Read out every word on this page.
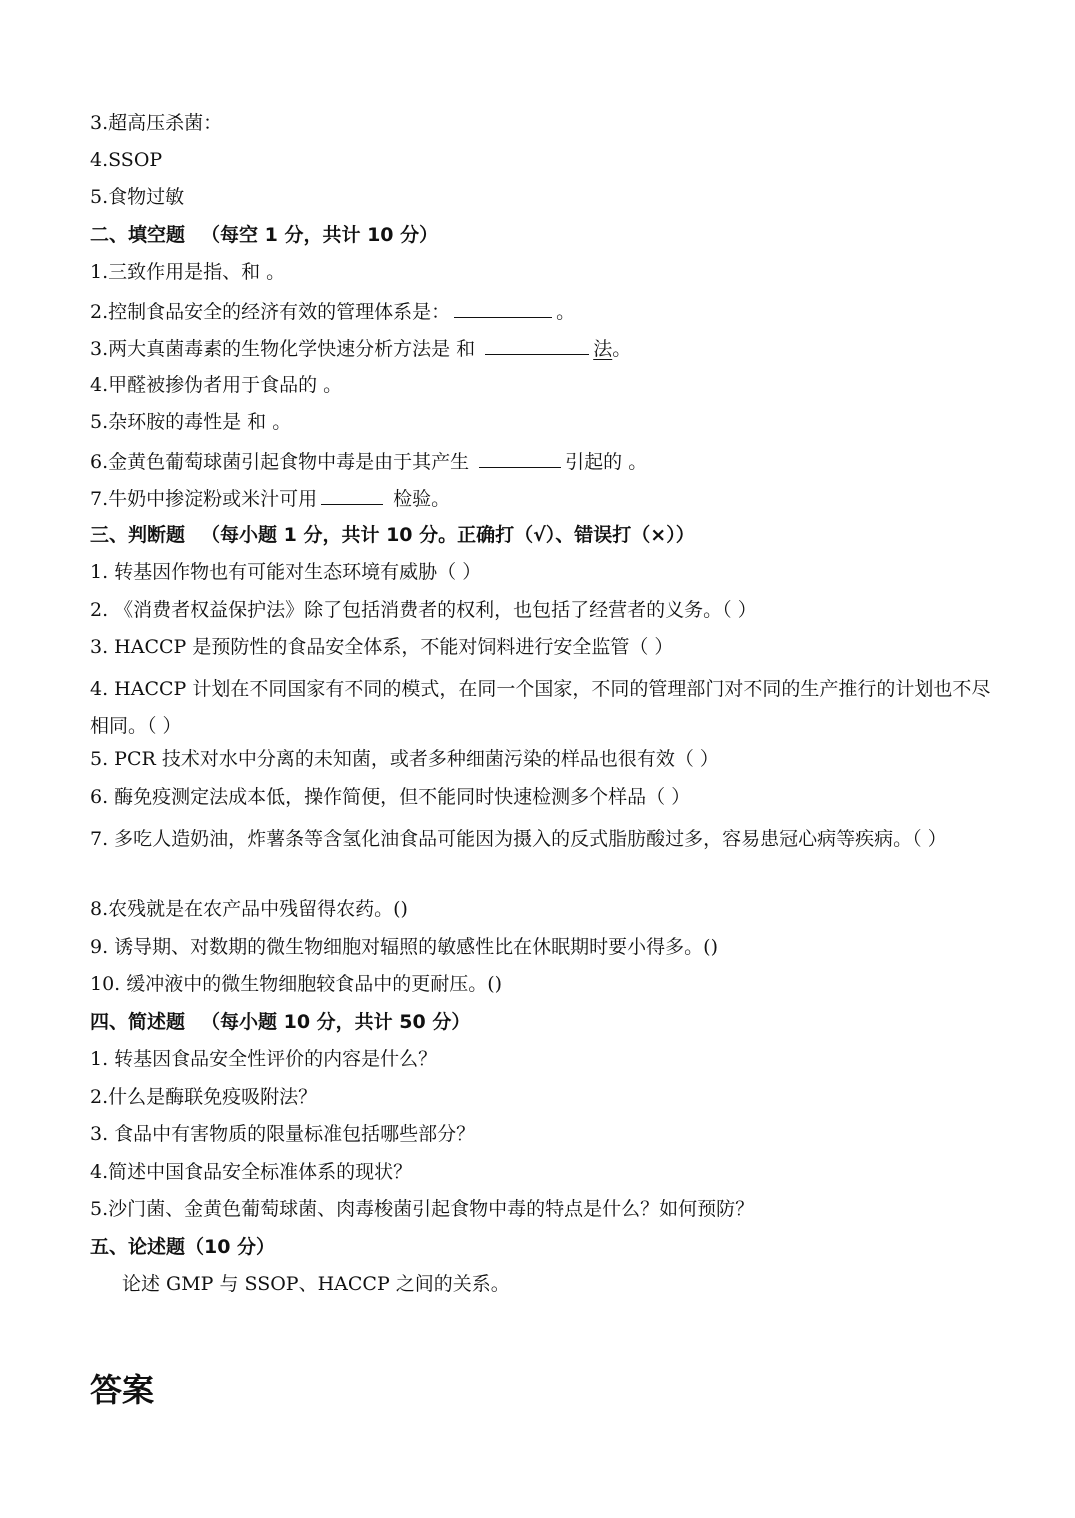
3.超高压杀菌：
4.SSOP
5.食物过敏
二、填空题 （每空 1 分，共计 10 分）
1.三致作用是指、和 。
2.控制食品安全的经济有效的管理体系是：	。
3.两大真菌毒素的生物化学快速分析方法是 和	法。
4.甲醛被掺伪者用于食品的 。
5.杂环胺的毒性是 和 。
6.金黄色葡萄球菌引起食物中毒是由于其产生	引起的 。
7.牛奶中掺淀粉或米汁可用	检验。
三、判断题 （每小题 1 分，共计 10 分。正确打（√）、错误打（×））
1. 转基因作物也有可能对生态环境有威胁（ ）
2. 《消费者权益保护法》除了包括消费者的权利，也包括了经营者的义务。（ ）
3. HACCP 是预防性的食品安全体系，不能对饲料进行安全监管（ ）
4. HACCP 计划在不同国家有不同的模式，在同一个国家，不同的管理部门对不同的生产推行的计划也不尽相同。（ ）
5. PCR 技术对水中分离的未知菌，或者多种细菌污染的样品也很有效（ ）
6. 酶免疫测定法成本低，操作简便，但不能同时快速检测多个样品（ ）
7. 多吃人造奶油，炸薯条等含氢化油食品可能因为摄入的反式脂肪酸过多，容易患冠心病等疾病。（ ）
8.农残就是在农产品中残留得农药。()
9. 诱导期、对数期的微生物细胞对辐照的敏感性比在休眠期时要小得多。()
10. 缓冲液中的微生物细胞较食品中的更耐压。()
四、简述题 （每小题 10 分，共计 50 分）
1. 转基因食品安全性评价的内容是什么？
2.什么是酶联免疫吸附法？
3. 食品中有害物质的限量标准包括哪些部分？
4.简述中国食品安全标准体系的现状？
5.沙门菌、金黄色葡萄球菌、肉毒梭菌引起食物中毒的特点是什么？如何预防？
五、论述题（10 分）
论述 GMP 与 SSOP、HACCP 之间的关系。
答案
